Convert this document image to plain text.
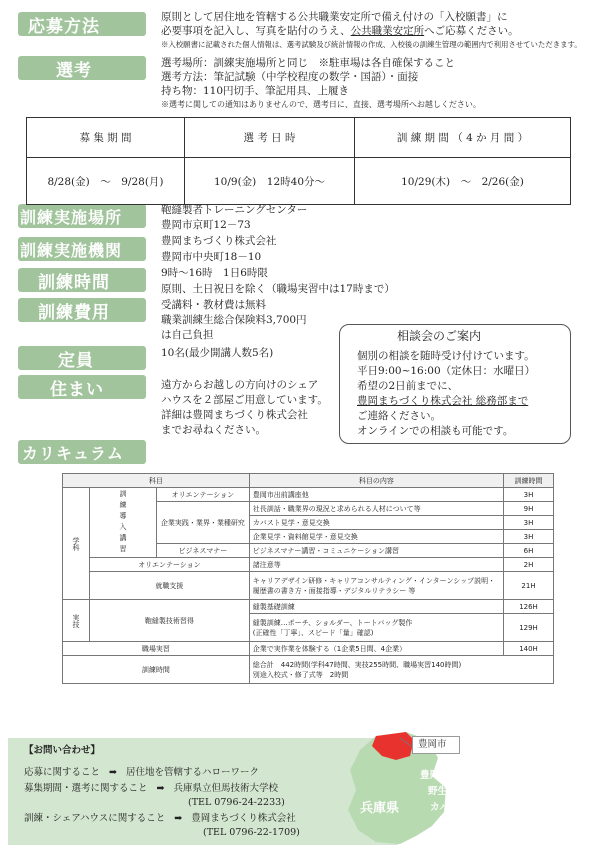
応募方法
選考
訓練実施場所
訓練実施機関
訓練時間
訓練費用
定員
住まい
カリキュラム
原則として居住地を管轄する公共職業安定所で備え付けの「入校願書」に
必要事項を記入し、写真を貼付のうえ、公共職業安定所へご応募ください。
※入校願書に記載された個人情報は、選考試験及び統計情報の作成、入校後の訓練生管理の範囲内で利用させていただきます。
選考場所：訓練実施場所と同じ　※駐車場は各自確保すること
選考方法：筆記試験（中学校程度の数学・国語）・面接
持ち物：110円切手、筆記用具、上履き
※選考に関しての通知はありませんので、選考日に、直接、選考場所へお越しください。
募 集 期 間	選 考 日 時	訓 練 期 間 （ 4 か 月 間 ）
8/28(金)　～　9/28(月)	10/9(金)　12時40分～	10/29(木)　～　2/26(金)
鞄縫製者トレーニングセンター
豊岡市京町12－73
豊岡まちづくり株式会社
豊岡市中央町18－10
9時～16時　1日6時限
原則、土日祝日を除く（職場実習中は17時まで）
受講料・教材費は無料
職業訓練生総合保険料3,700円
は自己負担
10名(最少開講人数5名)
遠方からお越しの方向けのシェア
ハウスを２部屋ご用意しています。
詳細は豊岡まちづくり株式会社
までお尋ねください。
相談会のご案内
個別の相談を随時受け付けています。
平日9:00~16:00（定休日：水曜日）
希望の2日前までに、
豊岡まちづくり株式会社 総務部まで
ご連絡ください。
オンラインでの相談も可能です。
科目			科目の内容	訓練時間
学科	訓練導入講習	オリエンテーション	豊岡市出前講座他	3H
		企業実践・業界・業種研究	社長訓話・職業界の現況と求められる人材について等	9H
			カバスト見学・意見交換	3H
			企業見学・資料館見学・意見交換	3H
		ビジネスマナー	ビジネスマナー講習・コミュニケーション講習	6H
	オリエンテーション		諸注意等	2H
	就職支援		キャリアデザイン研修・キャリアコンサルティング・インターンシップ説明・
履歴書の書き方・面接指導・デジタルリテラシー 等	21H
実技	鞄縫製技術習得		縫製基礎訓練	126H

			縫製訓練…ポーチ、ショルダー、トートバッグ製作
(正確性「丁寧」、スピード「量」確認)	129H
職場実習			企業で実作業を体験する（1企業5日間、4企業）	140H
訓練時間			総合計　442時間(学科47時間、実技255時間、職場実習140時間)
別途入校式・修了式等　2時間	
【お問い合わせ】
応募に関すること ➡ 居住地を管轄するハローワーク
募集期間・選考に関すること ➡ 兵庫県立但馬技術大学校
(TEL 0796-24-2233)
訓練・シェアハウスに関すること ➡ 豊岡まちづくり株式会社
(TEL 0796-22-1709)
豊岡市
兵庫県
豊岡市は兵庫県北部の中心都市
野生コウノトリの生息地
カバンの生産地として
広く知られています。
